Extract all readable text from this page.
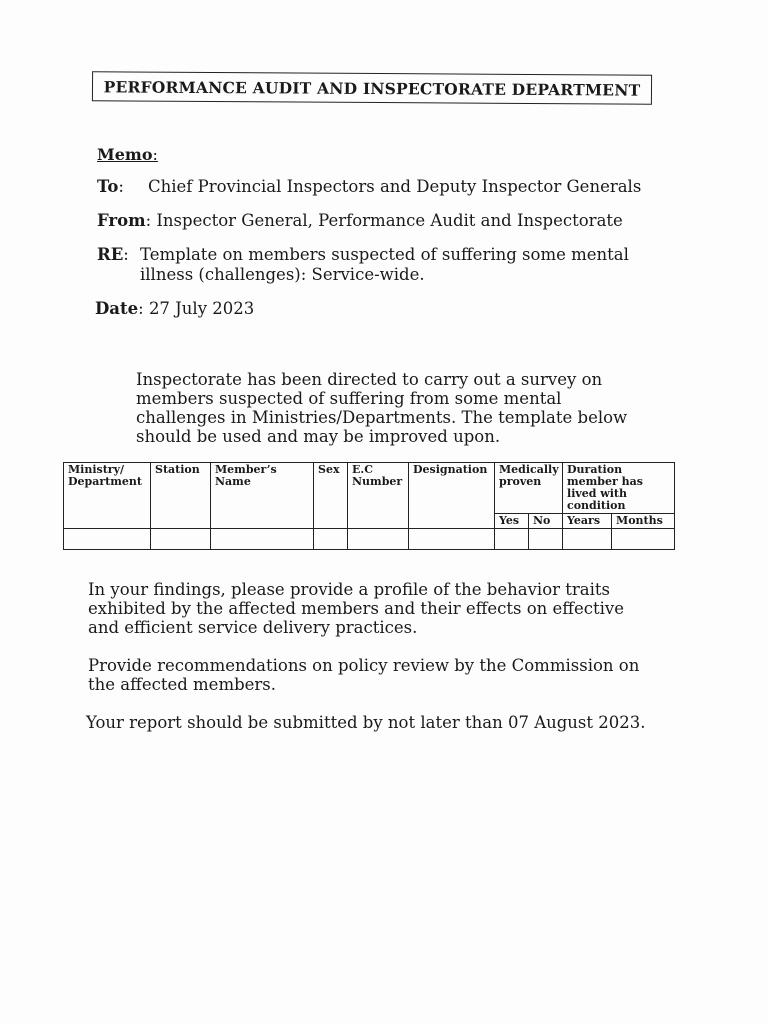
PERFORMANCE AUDIT AND INSPECTORATE DEPARTMENT
Memo:
To: Chief Provincial Inspectors and Deputy Inspector Generals
From: Inspector General, Performance Audit and Inspectorate
RE: Template on members suspected of suffering some mental illness (challenges): Service-wide.
Date: 27 July 2023
Inspectorate has been directed to carry out a survey on members suspected of suffering from some mental challenges in Ministries/Departments. The template below should be used and may be improved upon.
Ministry/ Department	Station	Member’s Name	Sex	E.C Number	Designation	Medically proven		Duration member has lived with condition	
						Yes	No	Years	Months

In your findings, please provide a profile of the behavior traits exhibited by the affected members and their effects on effective and efficient service delivery practices.
Provide recommendations on policy review by the Commission on the affected members.
Your report should be submitted by not later than 07 August 2023.
